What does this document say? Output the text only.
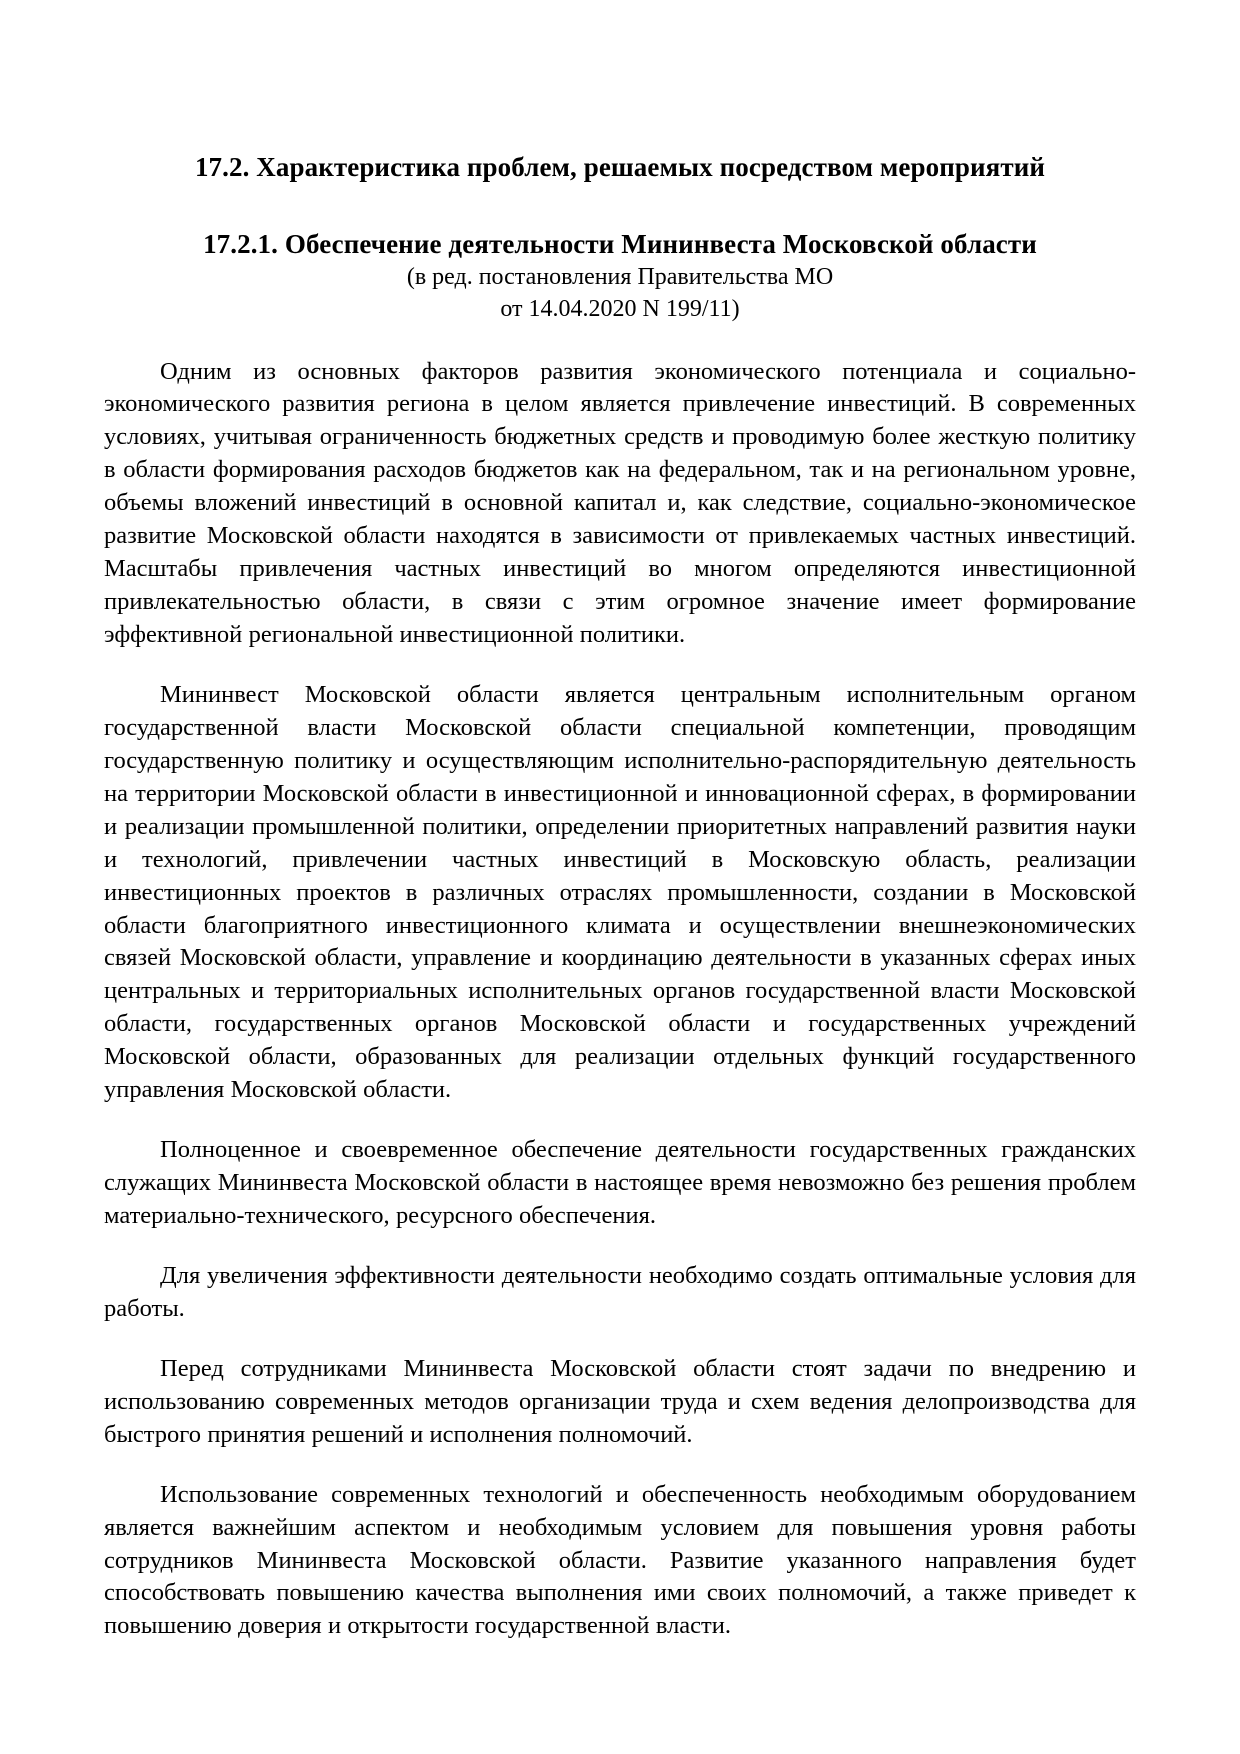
17.2. Характеристика проблем, решаемых посредством мероприятий
17.2.1. Обеспечение деятельности Мининвеста Московской области
(в ред. постановления Правительства МО
от 14.04.2020 N 199/11)

Одним из основных факторов развития экономического потенциала и социально-экономического развития региона в целом является привлечение инвестиций. В современных условиях, учитывая ограниченность бюджетных средств и проводимую более жесткую политику в области формирования расходов бюджетов как на федеральном, так и на региональном уровне, объемы вложений инвестиций в основной капитал и, как следствие, социально-экономическое развитие Московской области находятся в зависимости от привлекаемых частных инвестиций. Масштабы привлечения частных инвестиций во многом определяются инвестиционной привлекательностью области, в связи с этим огромное значение имеет формирование эффективной региональной инвестиционной политики.

Мининвест Московской области является центральным исполнительным органом государственной власти Московской области специальной компетенции, проводящим государственную политику и осуществляющим исполнительно-распорядительную деятельность на территории Московской области в инвестиционной и инновационной сферах, в формировании и реализации промышленной политики, определении приоритетных направлений развития науки и технологий, привлечении частных инвестиций в Московскую область, реализации инвестиционных проектов в различных отраслях промышленности, создании в Московской области благоприятного инвестиционного климата и осуществлении внешнеэкономических связей Московской области, управление и координацию деятельности в указанных сферах иных центральных и территориальных исполнительных органов государственной власти Московской области, государственных органов Московской области и государственных учреждений Московской области, образованных для реализации отдельных функций государственного управления Московской области.

Полноценное и своевременное обеспечение деятельности государственных гражданских служащих Мининвеста Московской области в настоящее время невозможно без решения проблем материально-технического, ресурсного обеспечения.

Для увеличения эффективности деятельности необходимо создать оптимальные условия для работы.

Перед сотрудниками Мининвеста Московской области стоят задачи по внедрению и использованию современных методов организации труда и схем ведения делопроизводства для быстрого принятия решений и исполнения полномочий.

Использование современных технологий и обеспеченность необходимым оборудованием является важнейшим аспектом и необходимым условием для повышения уровня работы сотрудников Мининвеста Московской области. Развитие указанного направления будет способствовать повышению качества выполнения ими своих полномочий, а также приведет к повышению доверия и открытости государственной власти.
